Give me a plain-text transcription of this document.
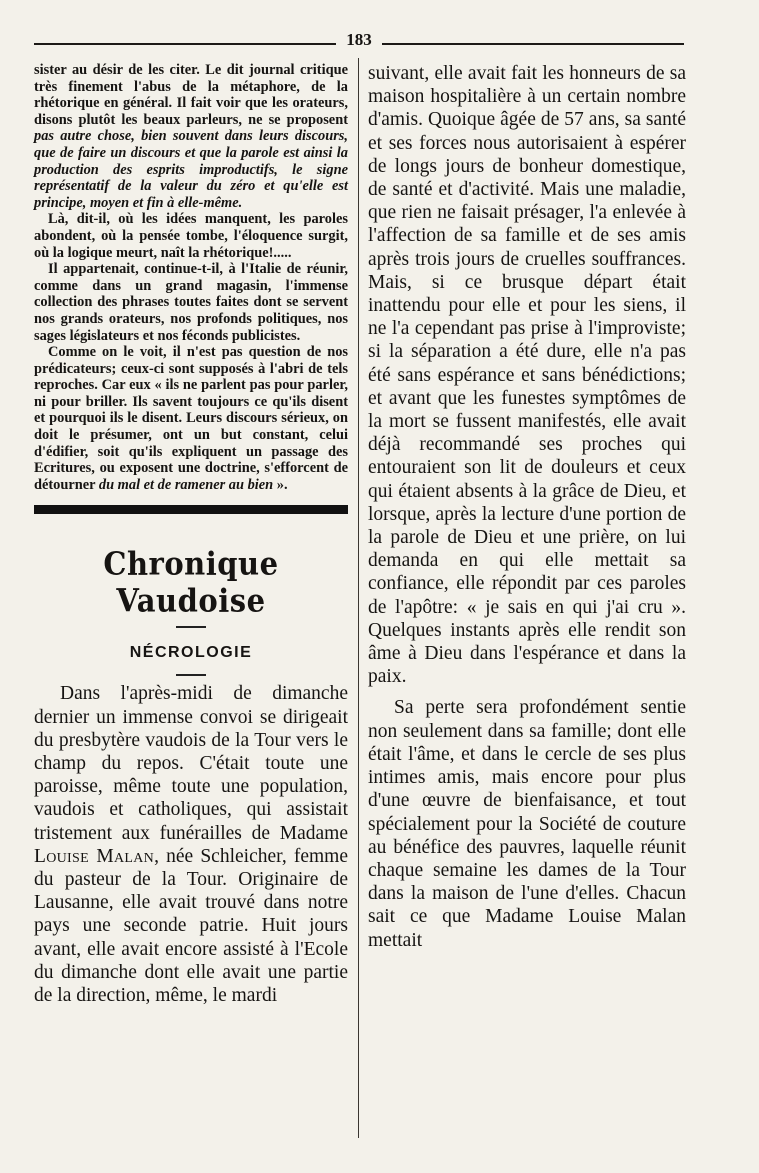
183

sister au désir de les citer. Le dit journal critique très finement l'abus de la métaphore, de la rhétorique en général. Il fait voir que les orateurs, disons plutôt les beaux parleurs, ne se proposent pas autre chose, bien souvent dans leurs discours, que de faire un discours et que la parole est ainsi la production des esprits improductifs, le signe représentatif de la valeur du zéro et qu'elle est principe, moyen et fin à elle-même.

Là, dit-il, où les idées manquent, les paroles abondent, où la pensée tombe, l'éloquence surgit, où la logique meurt, naît la rhétorique!.....

Il appartenait, continue-t-il, à l'Italie de réunir, comme dans un grand magasin, l'immense collection des phrases toutes faites dont se servent nos grands orateurs, nos profonds politiques, nos sages législateurs et nos féconds publicistes.

Comme on le voit, il n'est pas question de nos prédicateurs; ceux-ci sont supposés à l'abri de tels reproches. Car eux « ils ne parlent pas pour parler, ni pour briller. Ils savent toujours ce qu'ils disent et pourquoi ils le disent. Leurs discours sérieux, on doit le présumer, ont un but constant, celui d'édifier, soit qu'ils expliquent un passage des Ecritures, ou exposent une doctrine, s'efforcent de détourner du mal et de ramener au bien ».

Chronique Vaudoise
NÉCROLOGIE

Dans l'après-midi de dimanche dernier un immense convoi se dirigeait du presbytère vaudois de la Tour vers le champ du repos. C'était toute une paroisse, même toute une population, vaudois et catholiques, qui assistait tristement aux funérailles de Madame Louise Malan, née Schleicher, femme du pasteur de la Tour. Originaire de Lausanne, elle avait trouvé dans notre pays une seconde patrie. Huit jours avant, elle avait encore assisté à l'Ecole du dimanche dont elle avait une partie de la direction, même, le mardi

suivant, elle avait fait les honneurs de sa maison hospitalière à un certain nombre d'amis. Quoique âgée de 57 ans, sa santé et ses forces nous autorisaient à espérer de longs jours de bonheur domestique, de santé et d'activité. Mais une maladie, que rien ne faisait présager, l'a enlevée à l'affection de sa famille et de ses amis après trois jours de cruelles souffrances. Mais, si ce brusque départ était inattendu pour elle et pour les siens, il ne l'a cependant pas prise à l'improviste; si la séparation a été dure, elle n'a pas été sans espérance et sans bénédictions; et avant que les funestes symptômes de la mort se fussent manifestés, elle avait déjà recommandé ses proches qui entouraient son lit de douleurs et ceux qui étaient absents à la grâce de Dieu, et lorsque, après la lecture d'une portion de la parole de Dieu et une prière, on lui demanda en qui elle mettait sa confiance, elle répondit par ces paroles de l'apôtre: « je sais en qui j'ai cru ». Quelques instants après elle rendit son âme à Dieu dans l'espérance et dans la paix.

Sa perte sera profondément sentie non seulement dans sa famille; dont elle était l'âme, et dans le cercle de ses plus intimes amis, mais encore pour plus d'une œuvre de bienfaisance, et tout spécialement pour la Société de couture au bénéfice des pauvres, laquelle réunit chaque semaine les dames de la Tour dans la maison de l'une d'elles. Chacun sait ce que Madame Louise Malan mettait
